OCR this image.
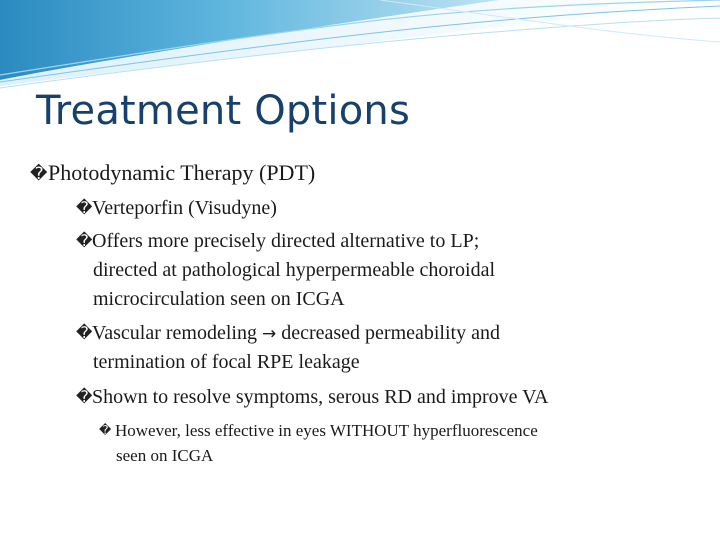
Treatment Options
�Photodynamic Therapy (PDT)
�Verteporfin (Visudyne)
�Offers more precisely directed alternative to LP;
directed at pathological hyperpermeable choroidal
microcirculation seen on ICGA
�Vascular remodeling → decreased permeability and
termination of focal RPE leakage
�Shown to resolve symptoms, serous RD and improve VA
� However, less effective in eyes WITHOUT hyperfluorescence
seen on ICGA
